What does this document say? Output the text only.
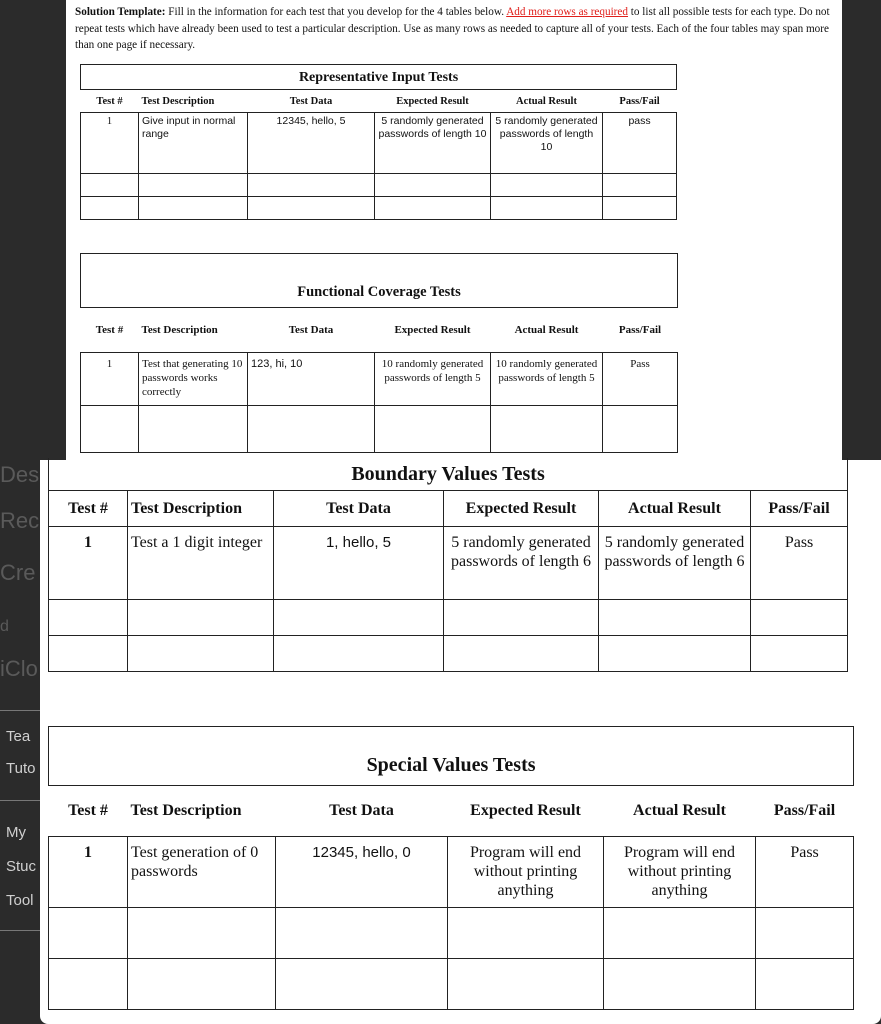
Des
Rec
Cre
d
iClo
Tea
Tuto
My
Stuc
Tool

Solution Template: Fill in the information for each test that you develop for the 4 tables below. Add more rows as required to list all possible tests for each type. Do not repeat tests which have already been used to test a particular description. Use as many rows as needed to capture all of your tests. Each of the four tables may span more than one page if necessary.

Representative Input Tests					
Test #	Test Description	Test Data	Expected Result	Actual Result	Pass/Fail
1	Give input in normal range	12345, hello, 5	5 randomly generated passwords of length 10	5 randomly generated passwords of length 10	pass

Functional Coverage Tests					
Test #	Test Description	Test Data	Expected Result	Actual Result	Pass/Fail
1	Test that generating 10 passwords works correctly	123, hi, 10	10 randomly generated passwords of length 5	10 randomly generated passwords of length 5	Pass

Boundary Values Tests					
Test #	Test Description	Test Data	Expected Result	Actual Result	Pass/Fail
1	Test a 1 digit integer	1, hello, 5	5 randomly generated passwords of length 6	5 randomly generated passwords of length 6	Pass

Special Values Tests					
Test #	Test Description	Test Data	Expected Result	Actual Result	Pass/Fail
1	Test generation of 0 passwords	12345, hello, 0	Program will end without printing anything	Program will end without printing anything	Pass
